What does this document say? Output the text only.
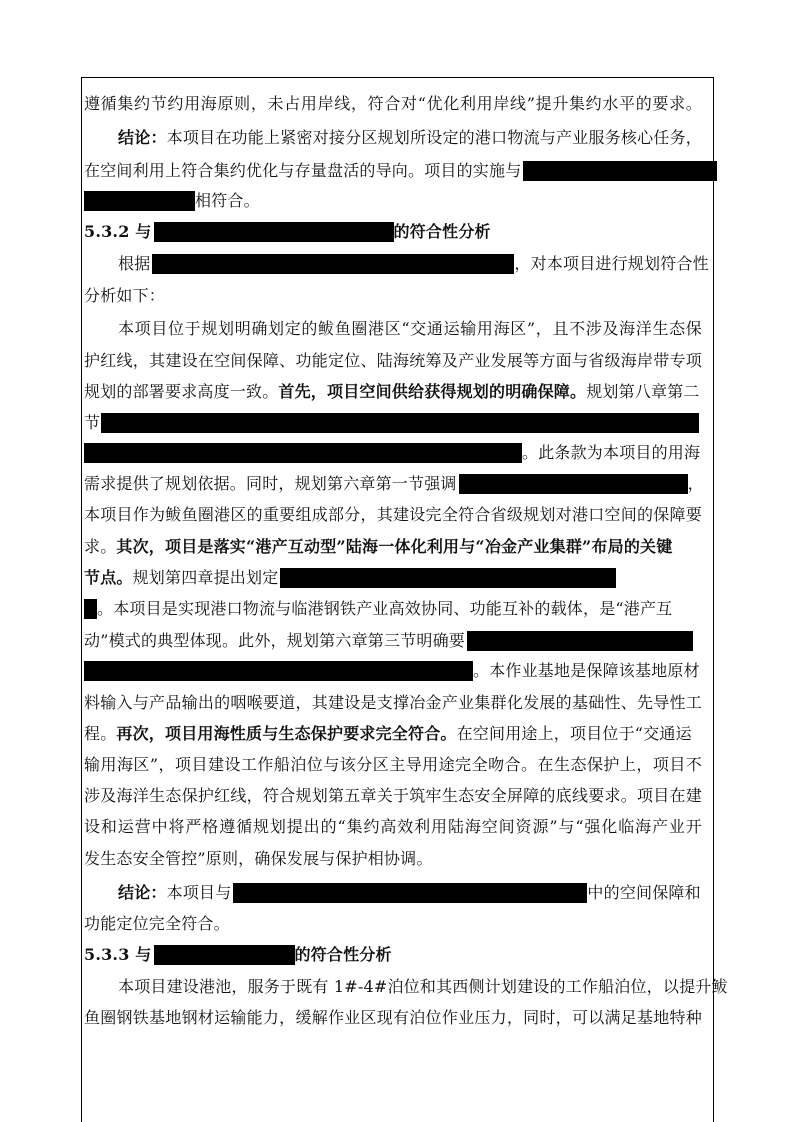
遵循集约节约用海原则，未占用岸线，符合对“优化利用岸线”提升集约水平的要求。
结论：本项目在功能上紧密对接分区规划所设定的港口物流与产业服务核心任务，
在空间利用上符合集约优化与存量盘活的导向。项目的实施与
相符合。
5.3.2 与	的符合性分析
根据	，对本项目进行规划符合性
分析如下：
本项目位于规划明确划定的鲅鱼圈港区“交通运输用海区”，且不涉及海洋生态保
护红线，其建设在空间保障、功能定位、陆海统筹及产业发展等方面与省级海岸带专项
规划的部署要求高度一致。首先，项目空间供给获得规划的明确保障。规划第八章第二
节
。此条款为本项目的用海
需求提供了规划依据。同时，规划第六章第一节强调	，
本项目作为鲅鱼圈港区的重要组成部分，其建设完全符合省级规划对港口空间的保障要
求。其次，项目是落实“港产互动型”陆海一体化利用与“冶金产业集群”布局的关键
节点。规划第四章提出划定
。本项目是实现港口物流与临港钢铁产业高效协同、功能互补的载体，是“港产互
动”模式的典型体现。此外，规划第六章第三节明确要
。本作业基地是保障该基地原材
料输入与产品输出的咽喉要道，其建设是支撑冶金产业集群化发展的基础性、先导性工
程。再次，项目用海性质与生态保护要求完全符合。在空间用途上，项目位于“交通运
输用海区”，项目建设工作船泊位与该分区主导用途完全吻合。在生态保护上，项目不
涉及海洋生态保护红线，符合规划第五章关于筑牢生态安全屏障的底线要求。项目在建
设和运营中将严格遵循规划提出的“集约高效利用陆海空间资源”与“强化临海产业开
发生态安全管控”原则，确保发展与保护相协调。
结论：本项目与	中的空间保障和
功能定位完全符合。
5.3.3 与	的符合性分析
本项目建设港池，服务于既有 1#-4#泊位和其西侧计划建设的工作船泊位，以提升鲅
鱼圈钢铁基地钢材运输能力，缓解作业区现有泊位作业压力，同时，可以满足基地特种
